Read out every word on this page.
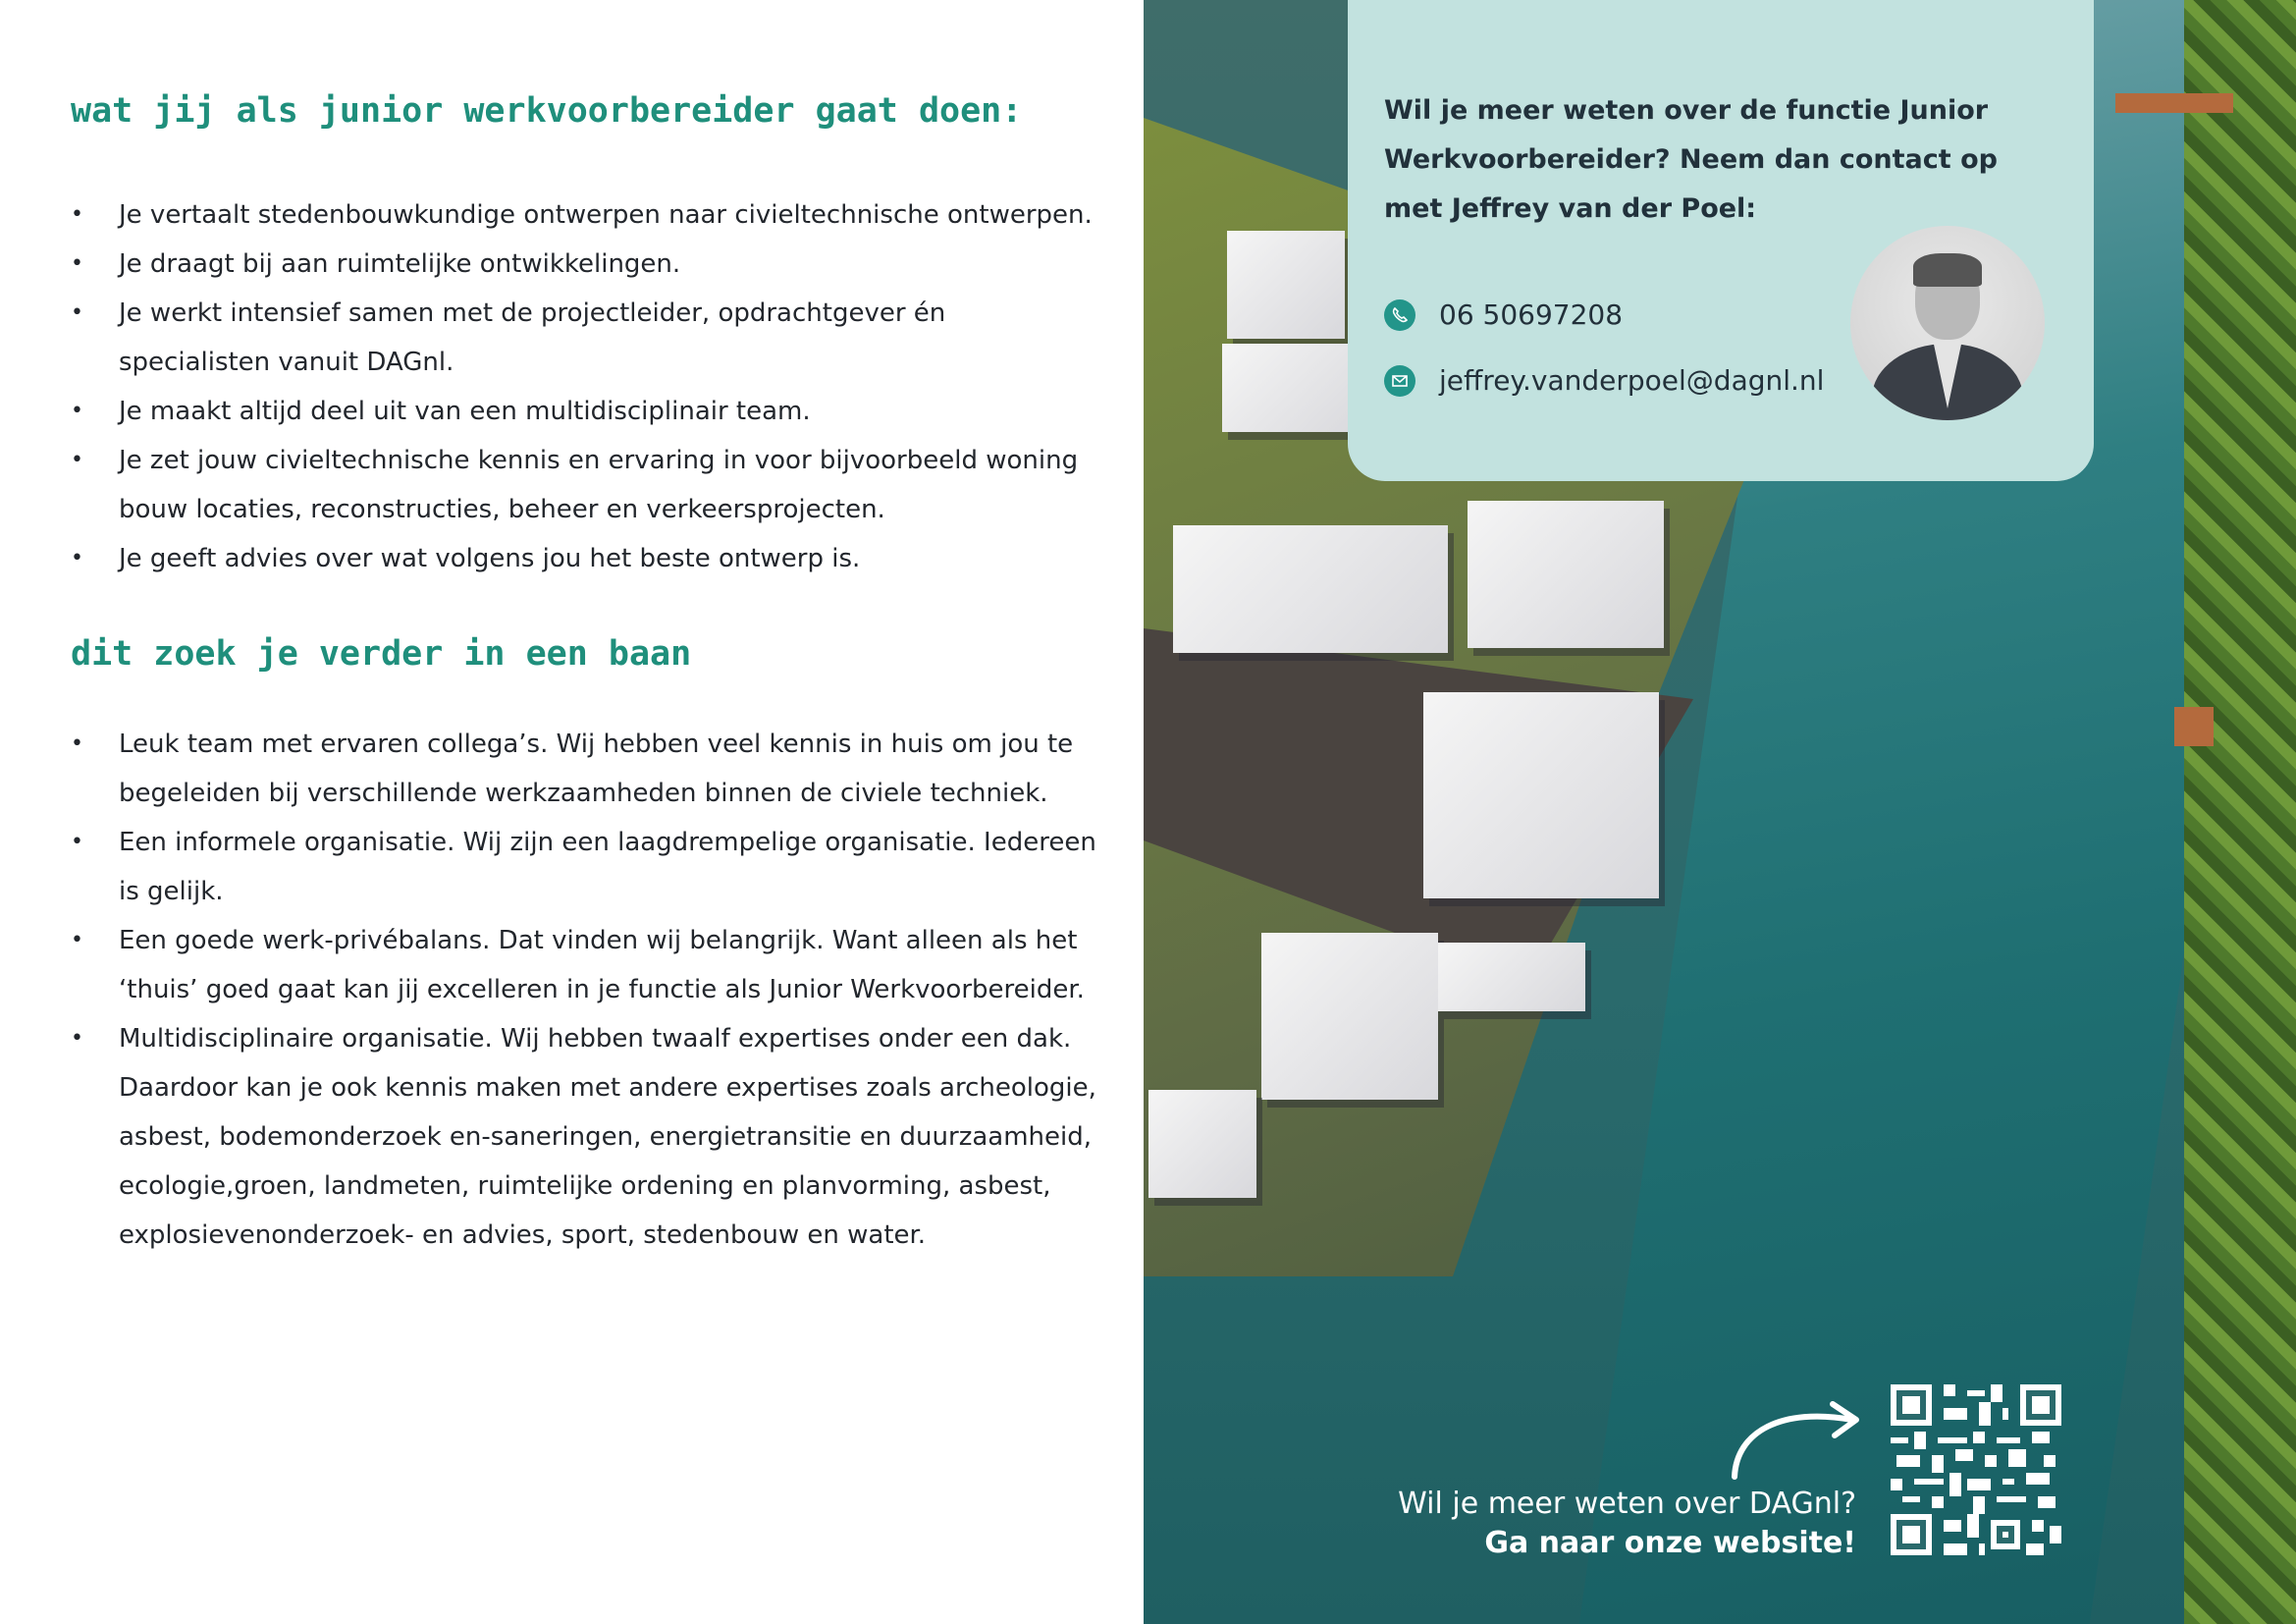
wat jij als junior werkvoorbereider gaat doen:
• Je vertaalt stedenbouwkundige ontwerpen naar civieltechnische ontwerpen.
• Je draagt bij aan ruimtelijke ontwikkelingen.
• Je werkt intensief samen met de projectleider, opdrachtgever én specialisten vanuit DAGnl.
• Je maakt altijd deel uit van een multidisciplinair team.
• Je zet jouw civieltechnische kennis en ervaring in voor bijvoorbeeld woning bouw locaties, reconstructies, beheer en verkeersprojecten.
• Je geeft advies over wat volgens jou het beste ontwerp is.
dit zoek je verder in een baan
• Leuk team met ervaren collega’s. Wij hebben veel kennis in huis om jou te begeleiden bij verschillende werkzaamheden binnen de civiele techniek.
• Een informele organisatie. Wij zijn een laagdrempelige organisatie. Iedereen is gelijk.
• Een goede werk-privébalans. Dat vinden wij belangrijk. Want alleen als het ‘thuis’ goed gaat kan jij excelleren in je functie als Junior Werkvoorbereider.
• Multidisciplinaire organisatie. Wij hebben twaalf expertises onder een dak. Daardoor kan je ook kennis maken met andere expertises zoals archeologie, asbest, bodemonderzoek en-saneringen, energietransitie en duurzaamheid, ecologie,groen, landmeten, ruimtelijke ordening en planvorming, asbest, explosievenonderzoek- en advies, sport, stedenbouw en water.

Wil je meer weten over de functie Junior Werkvoorbereider? Neem dan contact op met Jeffrey van der Poel:

06 50697208
jeffrey.vanderpoel@dagnl.nl
Wil je meer weten over DAGnl?
Ga naar onze website!
